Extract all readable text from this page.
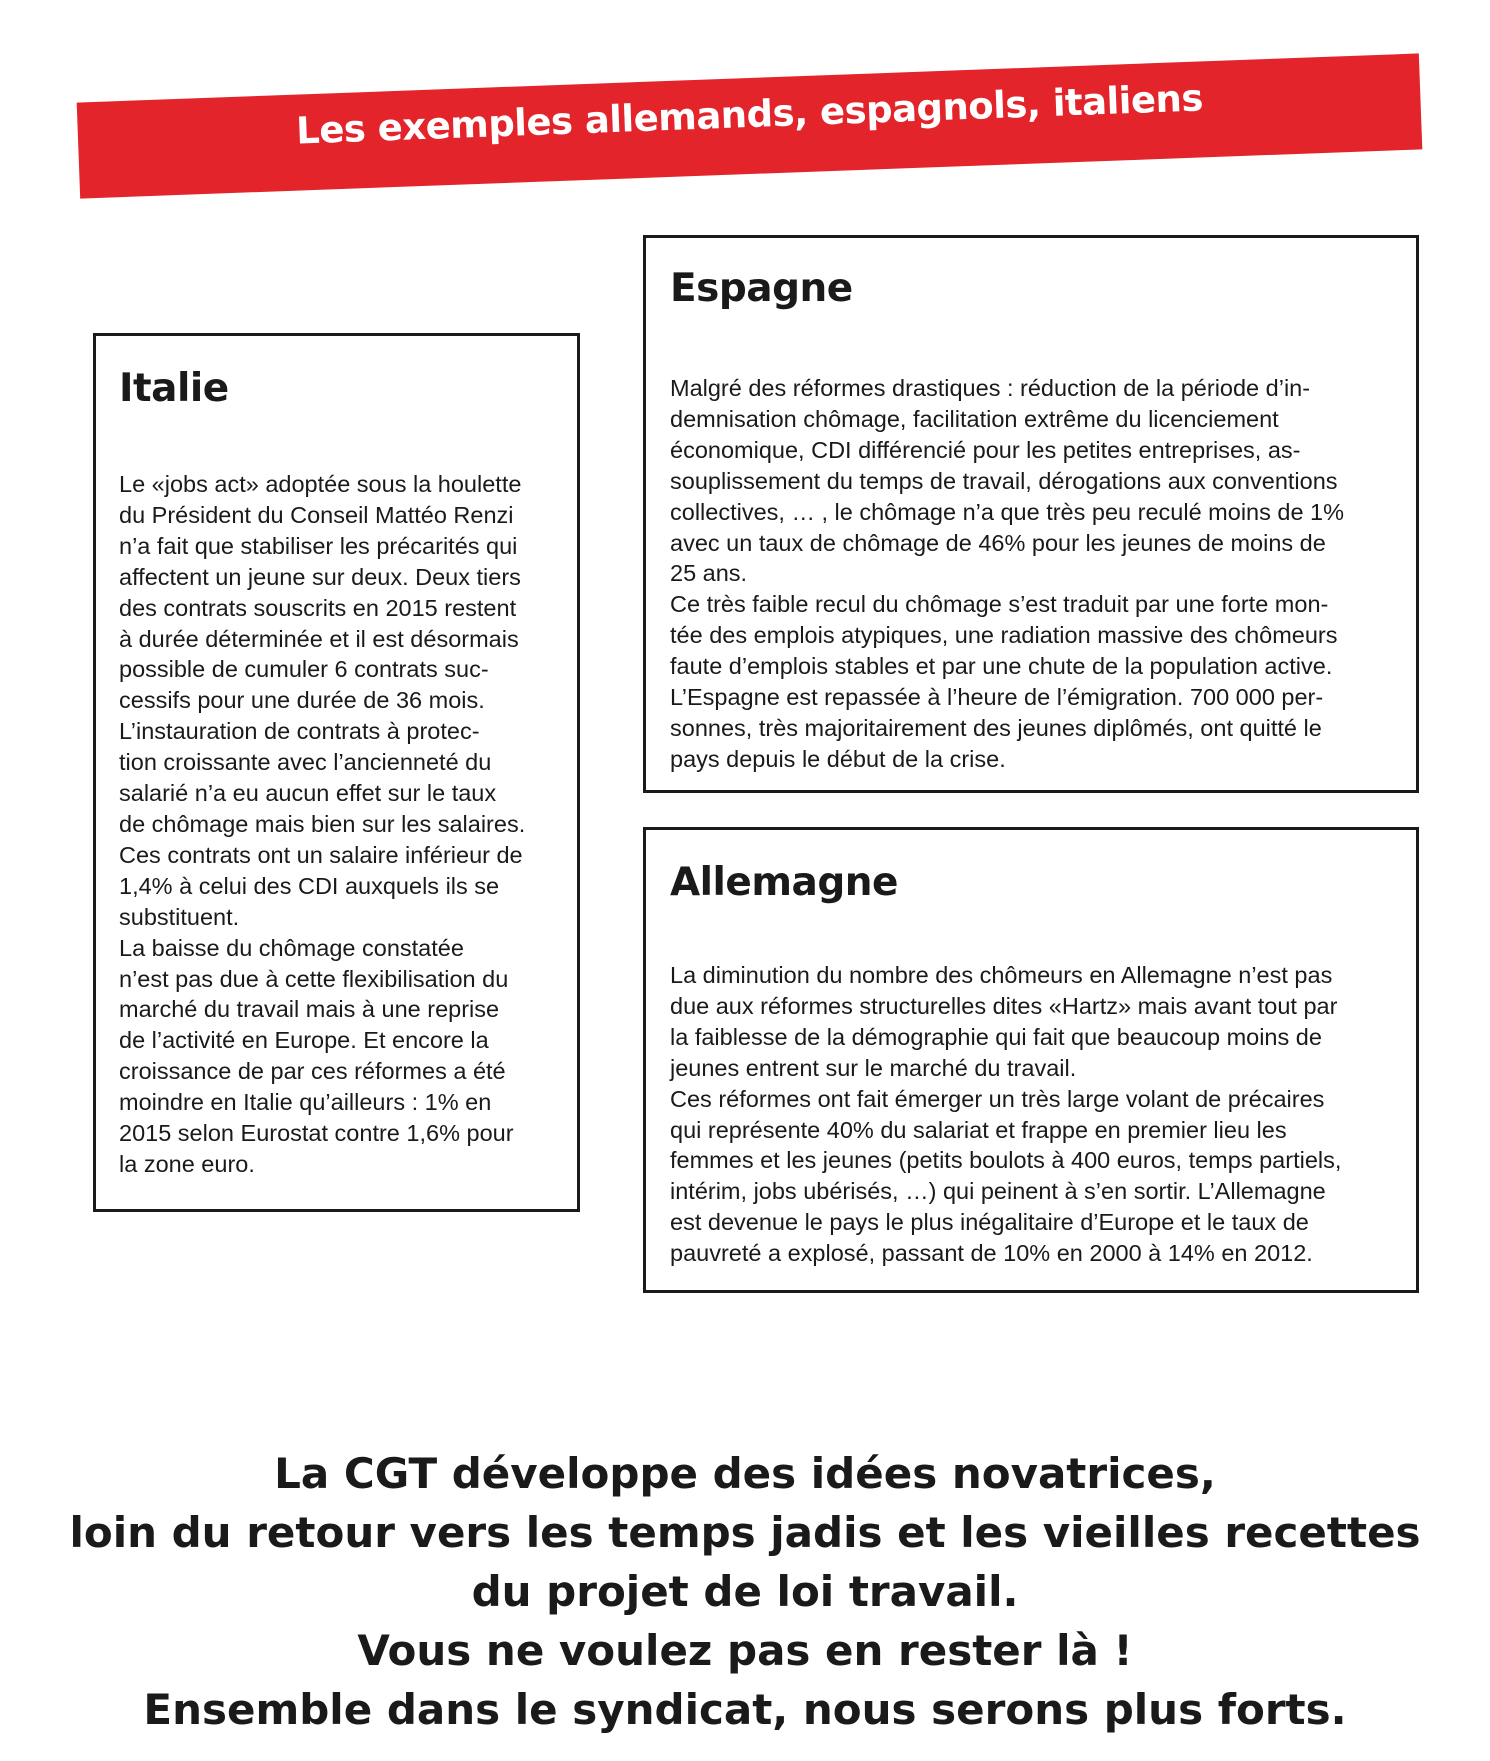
Les exemples allemands, espagnols, italiens
Italie
Le «jobs act» adoptée sous la houlette
du Président du Conseil Mattéo Renzi
n’a fait que stabiliser les précarités qui
affectent un jeune sur deux. Deux tiers
des contrats souscrits en 2015 restent
à durée déterminée et il est désormais
possible de cumuler 6 contrats suc-
cessifs pour une durée de 36 mois.
L’instauration de contrats à protec-
tion croissante avec l’ancienneté du
salarié n’a eu aucun effet sur le taux
de chômage mais bien sur les salaires.
Ces contrats ont un salaire inférieur de
1,4% à celui des CDI auxquels ils se
substituent.
La baisse du chômage constatée
n’est pas due à cette flexibilisation du
marché du travail mais à une reprise
de l’activité en Europe. Et encore la
croissance de par ces réformes a été
moindre en Italie qu’ailleurs : 1% en
2015 selon Eurostat contre 1,6% pour
la zone euro.
Espagne
Malgré des réformes drastiques : réduction de la période d’in-
demnisation chômage, facilitation extrême du licenciement
économique, CDI différencié pour les petites entreprises, as-
souplissement du temps de travail, dérogations aux conventions
collectives, … , le chômage n’a que très peu reculé moins de 1%
avec un taux de chômage de 46% pour les jeunes de moins de
25 ans.
Ce très faible recul du chômage s’est traduit par une forte mon-
tée des emplois atypiques, une radiation massive des chômeurs
faute d’emplois stables et par une chute de la population active.
L’Espagne est repassée à l’heure de l’émigration. 700 000 per-
sonnes, très majoritairement des jeunes diplômés, ont quitté le
pays depuis le début de la crise.
Allemagne
La diminution du nombre des chômeurs en Allemagne n’est pas
due aux réformes structurelles dites «Hartz» mais avant tout par
la faiblesse de la démographie qui fait que beaucoup moins de
jeunes entrent sur le marché du travail.
Ces réformes ont fait émerger un très large volant de précaires
qui représente 40% du salariat et frappe en premier lieu les
femmes et les jeunes (petits boulots à 400 euros, temps partiels,
intérim, jobs ubérisés, …) qui peinent à s’en sortir. L’Allemagne
est devenue le pays le plus inégalitaire d’Europe et le taux de
pauvreté a explosé, passant de 10% en 2000 à 14% en 2012.
La CGT développe des idées novatrices,
loin du retour vers les temps jadis et les vieilles recettes
du projet de loi travail.
Vous ne voulez pas en rester là !
Ensemble dans le syndicat, nous serons plus forts.
